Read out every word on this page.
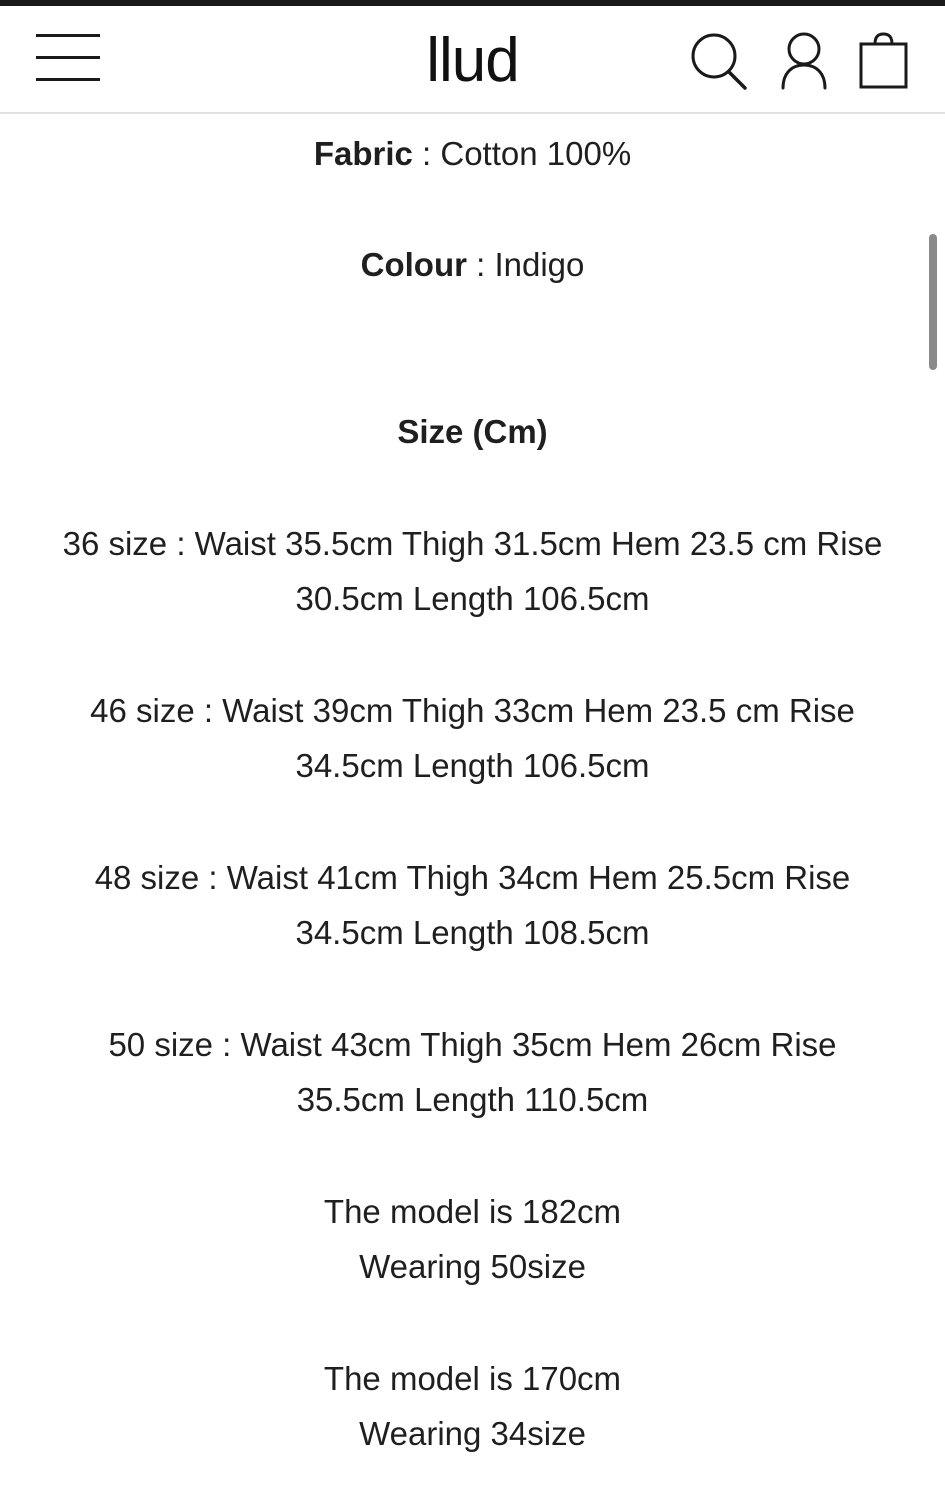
llud
Fabric : Cotton 100%
Colour : Indigo
Size (Cm)
36 size : Waist 35.5cm Thigh 31.5cm Hem 23.5 cm Rise
30.5cm Length 106.5cm
46 size : Waist 39cm Thigh 33cm Hem 23.5 cm Rise
34.5cm Length 106.5cm
48 size : Waist 41cm Thigh 34cm Hem 25.5cm Rise
34.5cm Length 108.5cm
50 size : Waist 43cm Thigh 35cm Hem 26cm Rise
35.5cm Length 110.5cm
The model is 182cm
Wearing 50size
The model is 170cm
Wearing 34size
